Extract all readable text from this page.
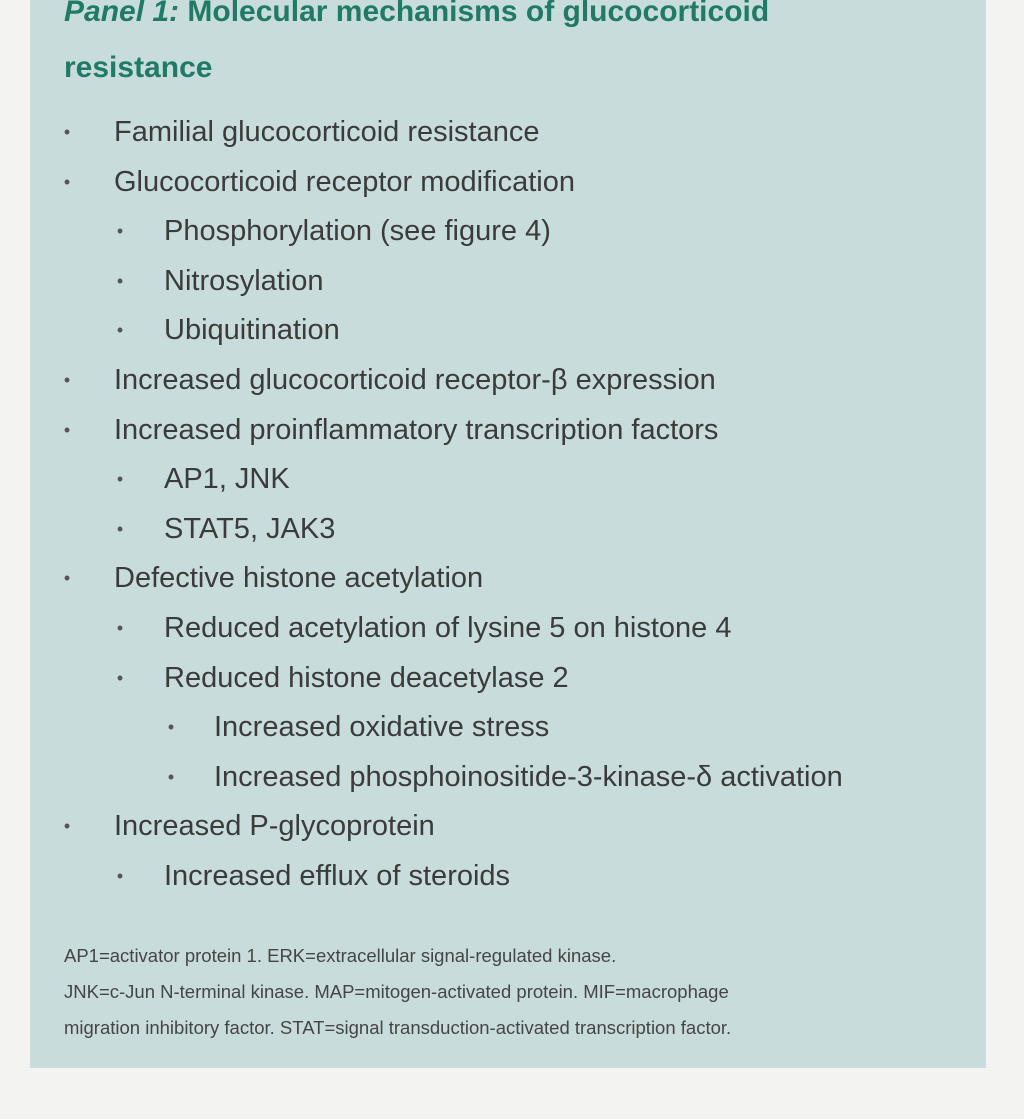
Panel 1: Molecular mechanisms of glucocorticoid
resistance
• Familial glucocorticoid resistance
• Glucocorticoid receptor modification
• Phosphorylation (see figure 4)
• Nitrosylation
• Ubiquitination
• Increased glucocorticoid receptor-β expression
• Increased proinflammatory transcription factors
• AP1, JNK
• STAT5, JAK3
• Defective histone acetylation
• Reduced acetylation of lysine 5 on histone 4
• Reduced histone deacetylase 2
• Increased oxidative stress
• Increased phosphoinositide-3-kinase-δ activation
• Increased P-glycoprotein
• Increased efflux of steroids

AP1=activator protein 1. ERK=extracellular signal-regulated kinase.

JNK=c-Jun N-terminal kinase. MAP=mitogen-activated protein. MIF=macrophage

migration inhibitory factor. STAT=signal transduction-activated transcription factor.
